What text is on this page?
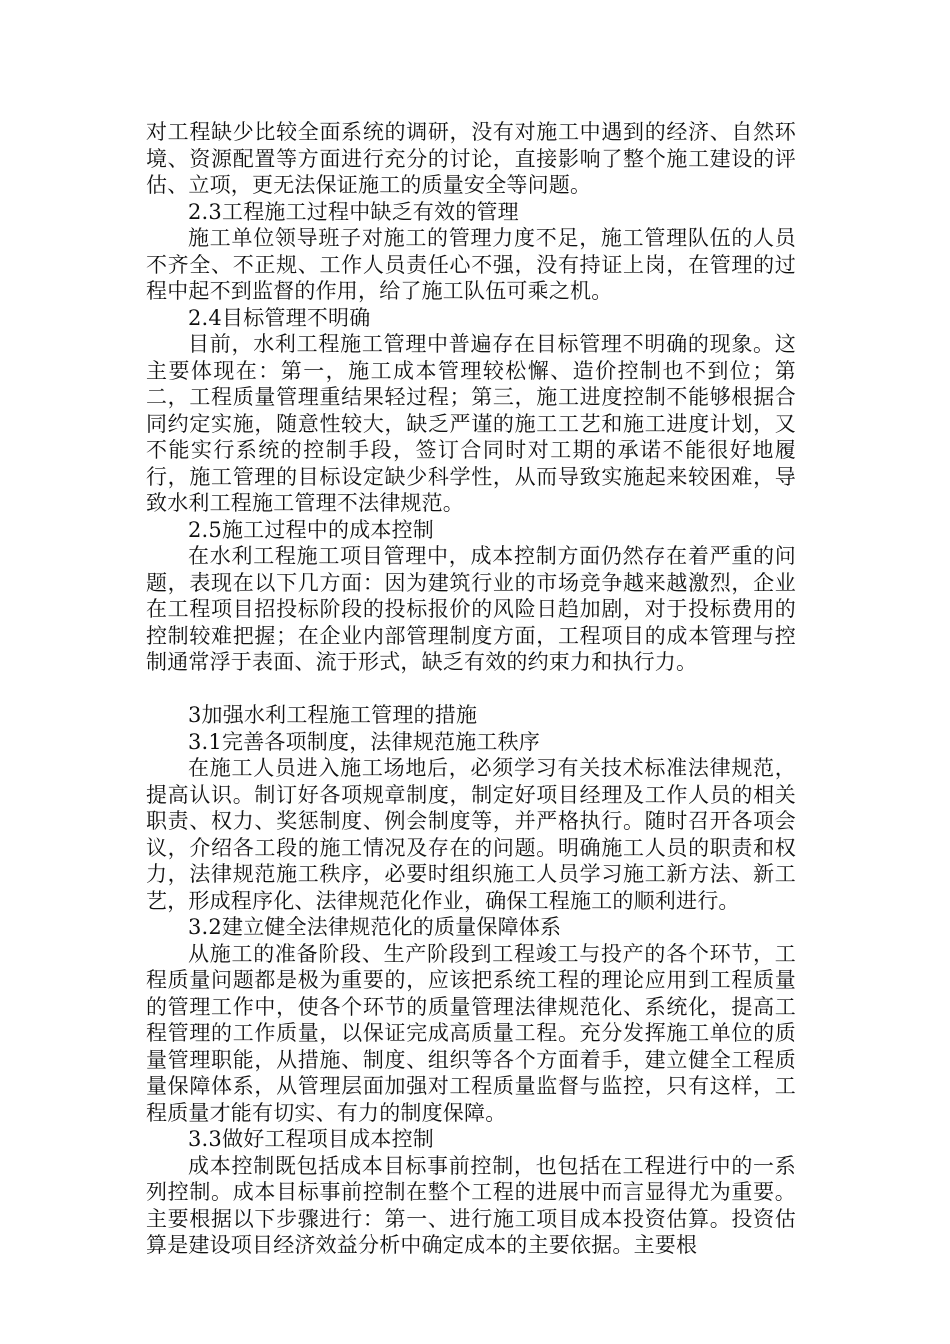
对工程缺少比较全面系统的调研，没有对施工中遇到的经济、自然环境、资源配置等方面进行充分的讨论，直接影响了整个施工建设的评估、立项，更无法保证施工的质量安全等问题。

2.3工程施工过程中缺乏有效的管理

施工单位领导班子对施工的管理力度不足，施工管理队伍的人员不齐全、不正规、工作人员责任心不强，没有持证上岗，在管理的过程中起不到监督的作用，给了施工队伍可乘之机。

2.4目标管理不明确

目前，水利工程施工管理中普遍存在目标管理不明确的现象。这主要体现在：第一，施工成本管理较松懈、造价控制也不到位；第二，工程质量管理重结果轻过程；第三，施工进度控制不能够根据合同约定实施，随意性较大，缺乏严谨的施工工艺和施工进度计划，又不能实行系统的控制手段，签订合同时对工期的承诺不能很好地履行，施工管理的目标设定缺少科学性，从而导致实施起来较困难，导致水利工程施工管理不法律规范。

2.5施工过程中的成本控制

在水利工程施工项目管理中，成本控制方面仍然存在着严重的问题，表现在以下几方面：因为建筑行业的市场竞争越来越激烈，企业在工程项目招投标阶段的投标报价的风险日趋加剧，对于投标费用的控制较难把握；在企业内部管理制度方面，工程项目的成本管理与控制通常浮于表面、流于形式，缺乏有效的约束力和执行力。

3加强水利工程施工管理的措施

3.1完善各项制度，法律规范施工秩序

在施工人员进入施工场地后，必须学习有关技术标准法律规范，提高认识。制订好各项规章制度，制定好项目经理及工作人员的相关职责、权力、奖惩制度、例会制度等，并严格执行。随时召开各项会议，介绍各工段的施工情况及存在的问题。明确施工人员的职责和权力，法律规范施工秩序，必要时组织施工人员学习施工新方法、新工艺，形成程序化、法律规范化作业，确保工程施工的顺利进行。

3.2建立健全法律规范化的质量保障体系

从施工的准备阶段、生产阶段到工程竣工与投产的各个环节，工程质量问题都是极为重要的，应该把系统工程的理论应用到工程质量的管理工作中，使各个环节的质量管理法律规范化、系统化，提高工程管理的工作质量，以保证完成高质量工程。充分发挥施工单位的质量管理职能，从措施、制度、组织等各个方面着手，建立健全工程质量保障体系，从管理层面加强对工程质量监督与监控，只有这样，工程质量才能有切实、有力的制度保障。

3.3做好工程项目成本控制

成本控制既包括成本目标事前控制，也包括在工程进行中的一系列控制。成本目标事前控制在整个工程的进展中而言显得尤为重要。主要根据以下步骤进行：第一、进行施工项目成本投资估算。投资估算是建设项目经济效益分析中确定成本的主要依据。主要根
